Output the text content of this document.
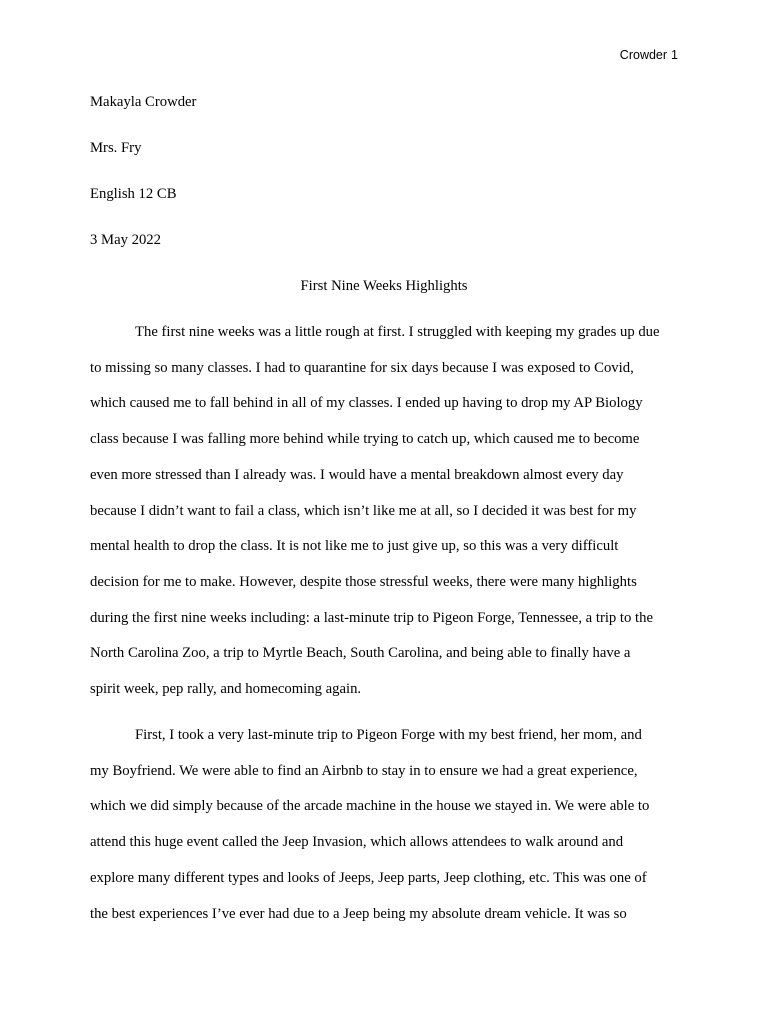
Crowder 1
Makayla Crowder
Mrs. Fry
English 12 CB
3 May 2022
First Nine Weeks Highlights
The first nine weeks was a little rough at first. I struggled with keeping my grades up due
to missing so many classes. I had to quarantine for six days because I was exposed to Covid,
which caused me to fall behind in all of my classes. I ended up having to drop my AP Biology
class because I was falling more behind while trying to catch up, which caused me to become
even more stressed than I already was. I would have a mental breakdown almost every day
because I didn’t want to fail a class, which isn’t like me at all, so I decided it was best for my
mental health to drop the class. It is not like me to just give up, so this was a very difficult
decision for me to make. However, despite those stressful weeks, there were many highlights
during the first nine weeks including: a last-minute trip to Pigeon Forge, Tennessee, a trip to the
North Carolina Zoo, a trip to Myrtle Beach, South Carolina, and being able to finally have a
spirit week, pep rally, and homecoming again.
First, I took a very last-minute trip to Pigeon Forge with my best friend, her mom, and
my Boyfriend. We were able to find an Airbnb to stay in to ensure we had a great experience,
which we did simply because of the arcade machine in the house we stayed in. We were able to
attend this huge event called the Jeep Invasion, which allows attendees to walk around and
explore many different types and looks of Jeeps, Jeep parts, Jeep clothing, etc. This was one of
the best experiences I’ve ever had due to a Jeep being my absolute dream vehicle. It was so
